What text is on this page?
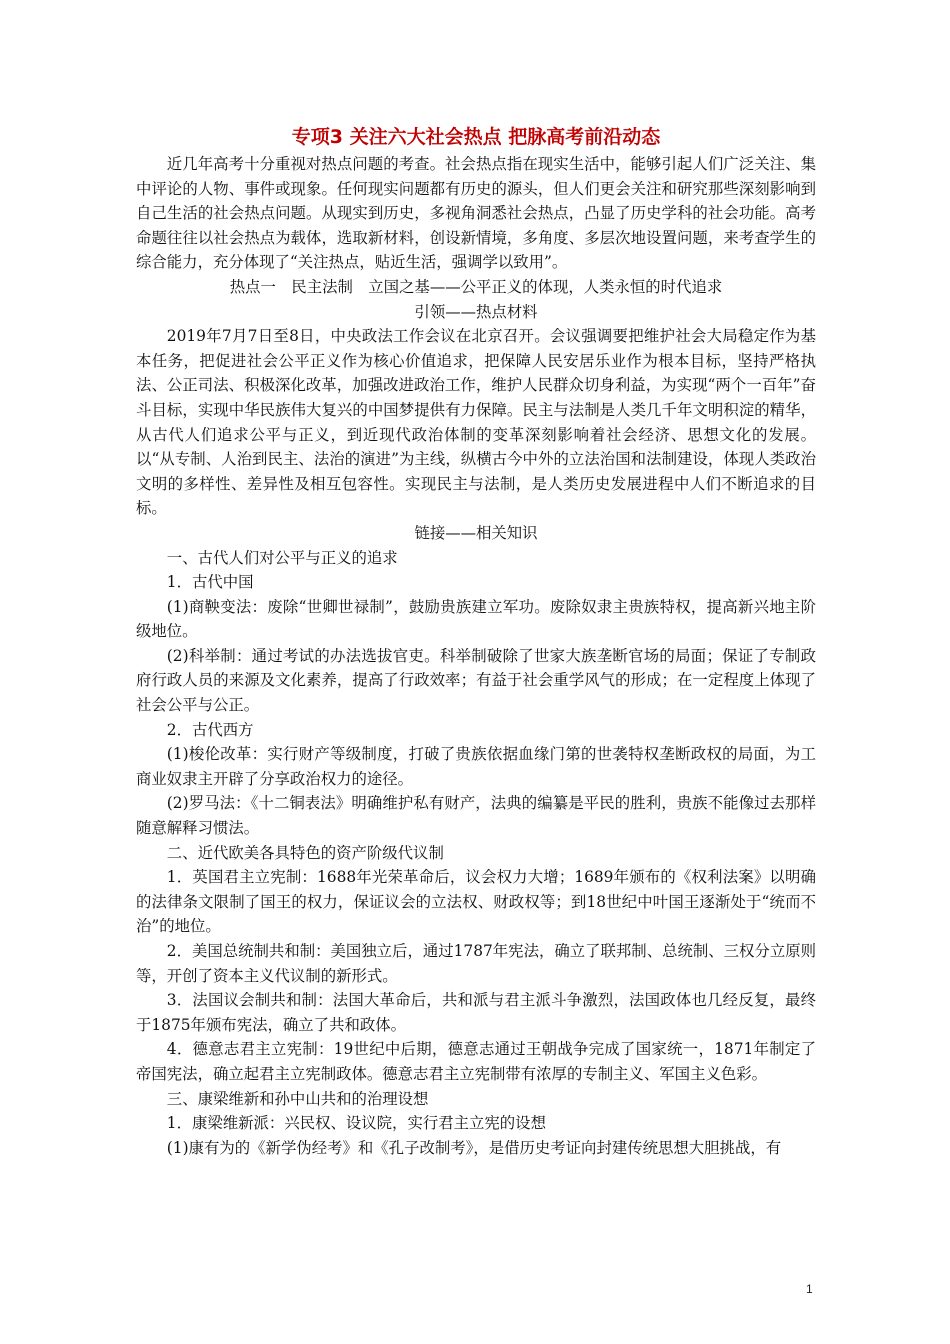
专项3 关注六大社会热点 把脉高考前沿动态

近几年高考十分重视对热点问题的考查。社会热点指在现实生活中，能够引起人们广泛关注、集中评论的人物、事件或现象。任何现实问题都有历史的源头，但人们更会关注和研究那些深刻影响到自己生活的社会热点问题。从现实到历史，多视角洞悉社会热点，凸显了历史学科的社会功能。高考命题往往以社会热点为载体，选取新材料，创设新情境，多角度、多层次地设置问题，来考查学生的综合能力，充分体现了“关注热点，贴近生活，强调学以致用”。

热点一　民主法制　立国之基——公平正义的体现，人类永恒的时代追求

引领——热点材料

2019年7月7日至8日，中央政法工作会议在北京召开。会议强调要把维护社会大局稳定作为基本任务，把促进社会公平正义作为核心价值追求，把保障人民安居乐业作为根本目标，坚持严格执法、公正司法、积极深化改革，加强改进政治工作，维护人民群众切身利益，为实现“两个一百年”奋斗目标，实现中华民族伟大复兴的中国梦提供有力保障。民主与法制是人类几千年文明积淀的精华，从古代人们追求公平与正义，到近现代政治体制的变革深刻影响着社会经济、思想文化的发展。以“从专制、人治到民主、法治的演进”为主线，纵横古今中外的立法治国和法制建设，体现人类政治文明的多样性、差异性及相互包容性。实现民主与法制，是人类历史发展进程中人们不断追求的目标。

链接——相关知识

一、古代人们对公平与正义的追求

1．古代中国

(1)商鞅变法：废除“世卿世禄制”，鼓励贵族建立军功。废除奴隶主贵族特权，提高新兴地主阶级地位。

(2)科举制：通过考试的办法选拔官吏。科举制破除了世家大族垄断官场的局面；保证了专制政府行政人员的来源及文化素养，提高了行政效率；有益于社会重学风气的形成；在一定程度上体现了社会公平与公正。

2．古代西方

(1)梭伦改革：实行财产等级制度，打破了贵族依据血缘门第的世袭特权垄断政权的局面，为工商业奴隶主开辟了分享政治权力的途径。

(2)罗马法：《十二铜表法》明确维护私有财产，法典的编纂是平民的胜利，贵族不能像过去那样随意解释习惯法。

二、近代欧美各具特色的资产阶级代议制

1．英国君主立宪制：1688年光荣革命后，议会权力大增；1689年颁布的《权利法案》以明确的法律条文限制了国王的权力，保证议会的立法权、财政权等；到18世纪中叶国王逐渐处于“统而不治”的地位。

2．美国总统制共和制：美国独立后，通过1787年宪法，确立了联邦制、总统制、三权分立原则等，开创了资本主义代议制的新形式。

3．法国议会制共和制：法国大革命后，共和派与君主派斗争激烈，法国政体也几经反复，最终于1875年颁布宪法，确立了共和政体。

4．德意志君主立宪制：19世纪中后期，德意志通过王朝战争完成了国家统一，1871年制定了帝国宪法，确立起君主立宪制政体。德意志君主立宪制带有浓厚的专制主义、军国主义色彩。

三、康梁维新和孙中山共和的治理设想

1．康梁维新派：兴民权、设议院，实行君主立宪的设想

(1)康有为的《新学伪经考》和《孔子改制考》，是借历史考证向封建传统思想大胆挑战，有

1
